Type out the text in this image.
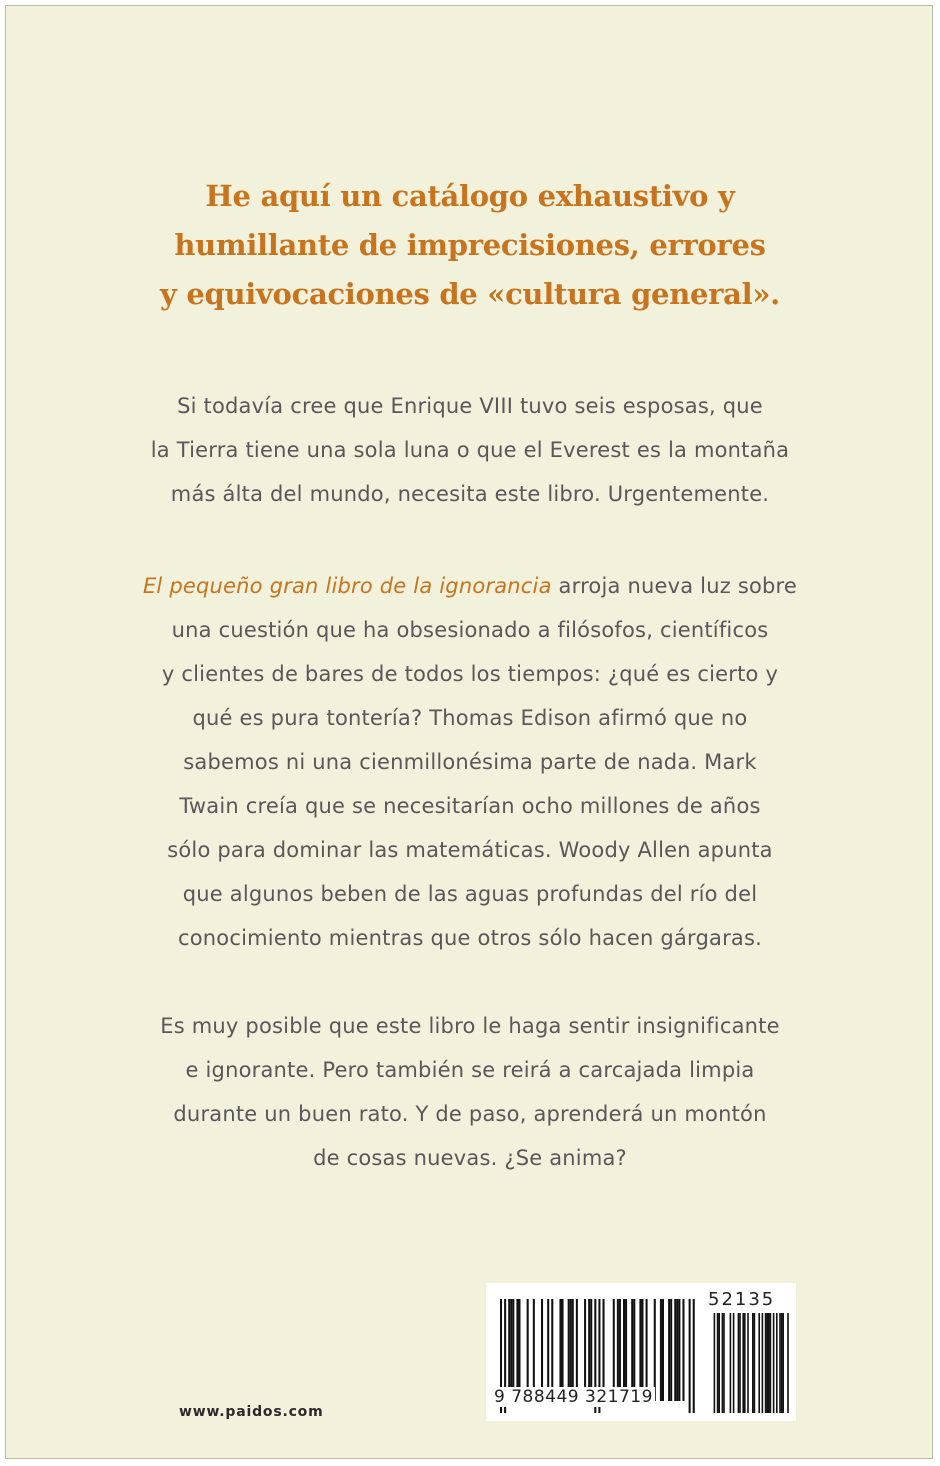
He aquí un catálogo exhaustivo y
humillante de imprecisiones, errores
y equivocaciones de «cultura general».
Si todavía cree que Enrique VIII tuvo seis esposas, que
la Tierra tiene una sola luna o que el Everest es la montaña
más álta del mundo, necesita este libro. Urgentemente.
El pequeño gran libro de la ignorancia arroja nueva luz sobre
una cuestión que ha obsesionado a filósofos, científicos
y clientes de bares de todos los tiempos: ¿qué es cierto y
qué es pura tontería? Thomas Edison afirmó que no
sabemos ni una cienmillonésima parte de nada. Mark
Twain creía que se necesitarían ocho millones de años
sólo para dominar las matemáticas. Woody Allen apunta
que algunos beben de las aguas profundas del río del
conocimiento mientras que otros sólo hacen gárgaras.
Es muy posible que este libro le haga sentir insignificante
e ignorante. Pero también se reirá a carcajada limpia
durante un buen rato. Y de paso, aprenderá un montón
de cosas nuevas. ¿Se anima?
www.paidos.com
9 788449 321719
52135
